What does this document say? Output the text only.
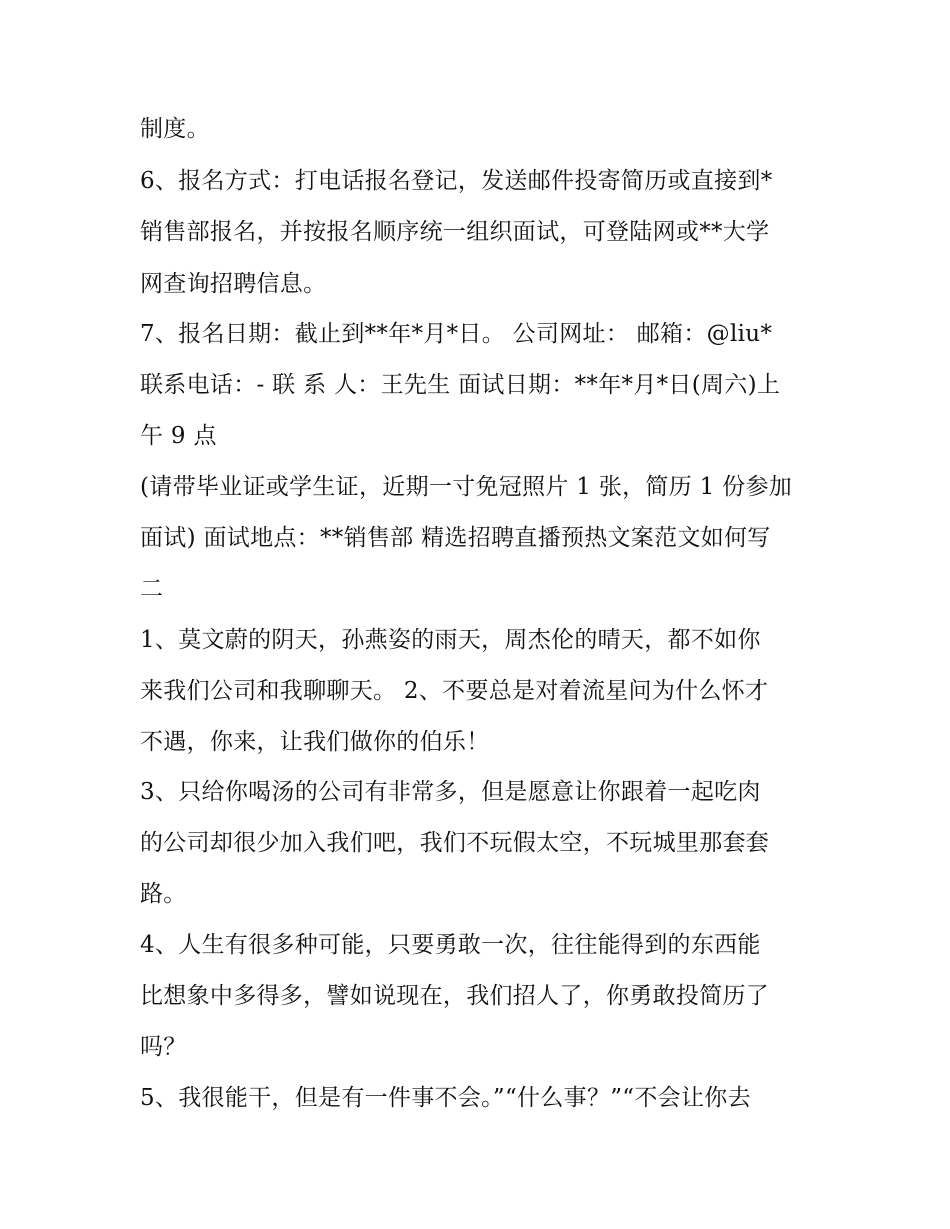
制度。

6、报名方式：打电话报名登记，发送邮件投寄简历或直接到*

销售部报名，并按报名顺序统一组织面试，可登陆网或**大学

网查询招聘信息。

7、报名日期：截止到**年*月*日。 公司网址： 邮箱：@liu*

联系电话：- 联 系 人：王先生 面试日期：**年*月*日(周六)上

午 9 点

(请带毕业证或学生证，近期一寸免冠照片 1 张，简历 1 份参加

面试) 面试地点：**销售部 精选招聘直播预热文案范文如何写

二

1、莫文蔚的阴天，孙燕姿的雨天，周杰伦的晴天，都不如你

来我们公司和我聊聊天。 2、不要总是对着流星问为什么怀才

不遇，你来，让我们做你的伯乐！

3、只给你喝汤的公司有非常多，但是愿意让你跟着一起吃肉

的公司却很少加入我们吧，我们不玩假太空，不玩城里那套套

路。

4、人生有很多种可能，只要勇敢一次，往往能得到的东西能

比想象中多得多，譬如说现在，我们招人了，你勇敢投简历了

吗？

5、我很能干，但是有一件事不会。”“什么事？”“不会让你去
